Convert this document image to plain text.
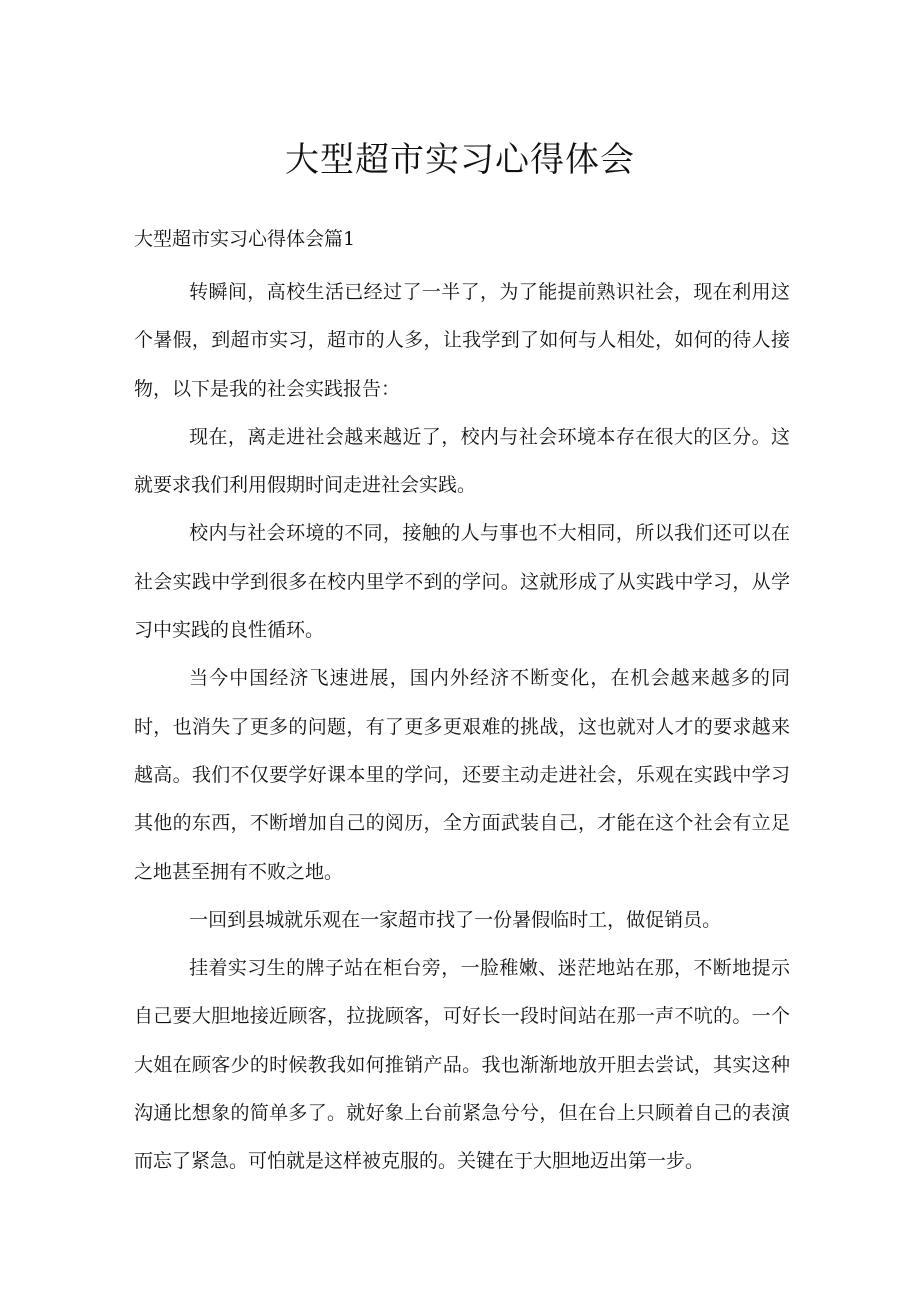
大型超市实习心得体会

大型超市实习心得体会篇1

转瞬间，高校生活已经过了一半了，为了能提前熟识社会，现在利用这个暑假，到超市实习，超市的人多，让我学到了如何与人相处，如何的待人接物，以下是我的社会实践报告：

现在，离走进社会越来越近了，校内与社会环境本存在很大的区分。这就要求我们利用假期时间走进社会实践。

校内与社会环境的不同，接触的人与事也不大相同，所以我们还可以在社会实践中学到很多在校内里学不到的学问。这就形成了从实践中学习，从学习中实践的良性循环。

当今中国经济飞速进展，国内外经济不断变化，在机会越来越多的同时，也消失了更多的问题，有了更多更艰难的挑战，这也就对人才的要求越来越高。我们不仅要学好课本里的学问，还要主动走进社会，乐观在实践中学习其他的东西，不断增加自己的阅历，全方面武装自己，才能在这个社会有立足之地甚至拥有不败之地。

一回到县城就乐观在一家超市找了一份暑假临时工，做促销员。

挂着实习生的牌子站在柜台旁，一脸稚嫩、迷茫地站在那，不断地提示自己要大胆地接近顾客，拉拢顾客，可好长一段时间站在那一声不吭的。一个大姐在顾客少的时候教我如何推销产品。我也渐渐地放开胆去尝试，其实这种沟通比想象的简单多了。就好象上台前紧急兮兮，但在台上只顾着自己的表演而忘了紧急。可怕就是这样被克服的。关键在于大胆地迈出第一步。
